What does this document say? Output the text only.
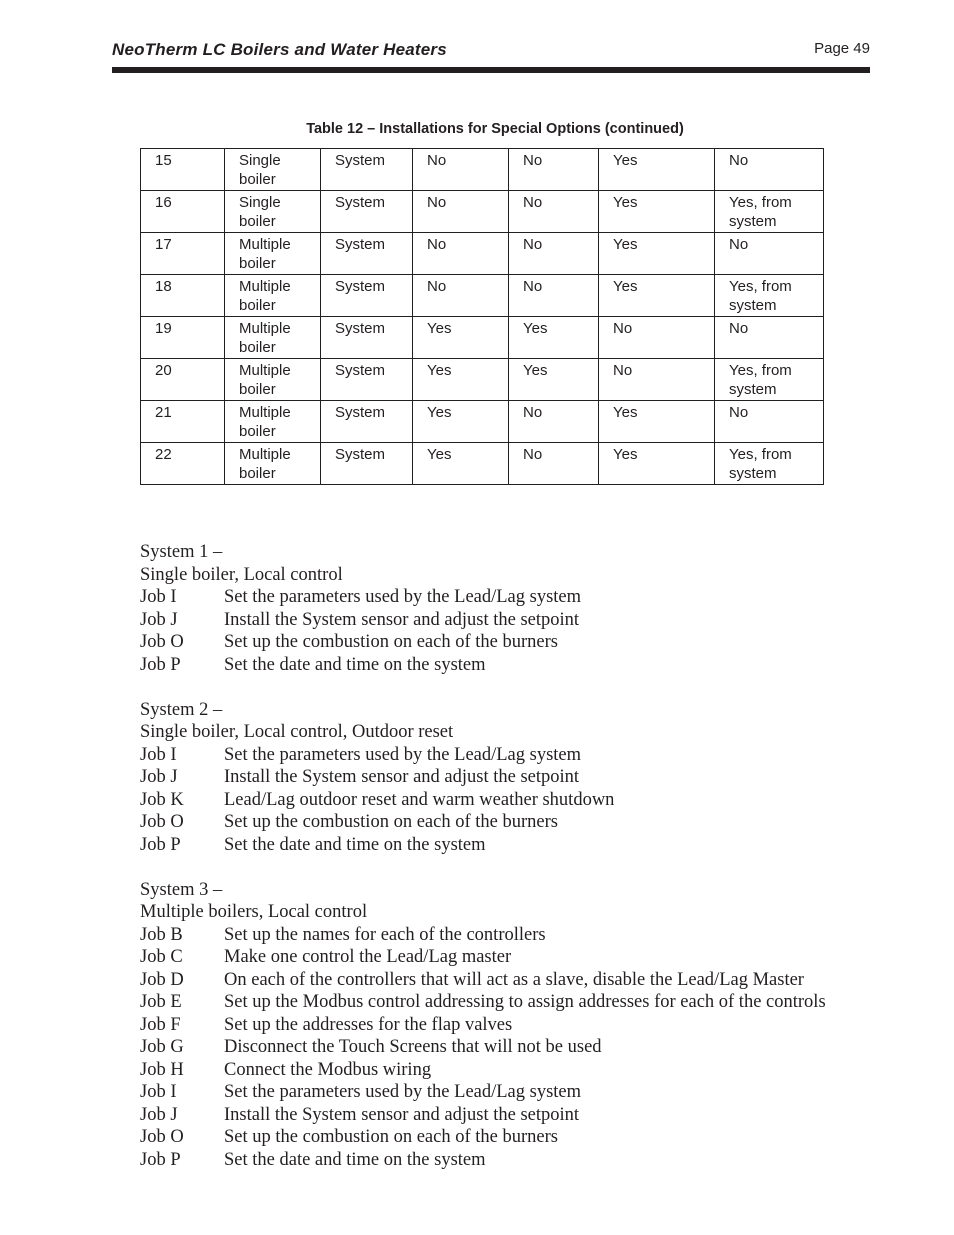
NeoTherm LC Boilers and Water Heaters	Page 49
Table 12 – Installations for Special Options (continued)
15	Single boiler	System	No	No	Yes	No
16	Single boiler	System	No	No	Yes	Yes, from system
17	Multiple boiler	System	No	No	Yes	No
18	Multiple boiler	System	No	No	Yes	Yes, from system
19	Multiple boiler	System	Yes	Yes	No	No
20	Multiple boiler	System	Yes	Yes	No	Yes, from system
21	Multiple boiler	System	Yes	No	Yes	No
22	Multiple boiler	System	Yes	No	Yes	Yes, from system
System 1 –
Single boiler, Local control
Job I	Set the parameters used by the Lead/Lag system
Job J	Install the System sensor and adjust the setpoint
Job O	Set up the combustion on each of the burners
Job P	Set the date and time on the system
System 2 –
Single boiler, Local control, Outdoor reset
Job I	Set the parameters used by the Lead/Lag system
Job J	Install the System sensor and adjust the setpoint
Job K	Lead/Lag outdoor reset and warm weather shutdown
Job O	Set up the combustion on each of the burners
Job P	Set the date and time on the system
System 3 –
Multiple boilers, Local control
Job B	Set up the names for each of the controllers
Job C	Make one control the Lead/Lag master
Job D	On each of the controllers that will act as a slave, disable the Lead/Lag Master
Job E	Set up the Modbus control addressing to assign addresses for each of the controls
Job F	Set up the addresses for the flap valves
Job G	Disconnect the Touch Screens that will not be used
Job H	Connect the Modbus wiring
Job I	Set the parameters used by the Lead/Lag system
Job J	Install the System sensor and adjust the setpoint
Job O	Set up the combustion on each of the burners
Job P	Set the date and time on the system
